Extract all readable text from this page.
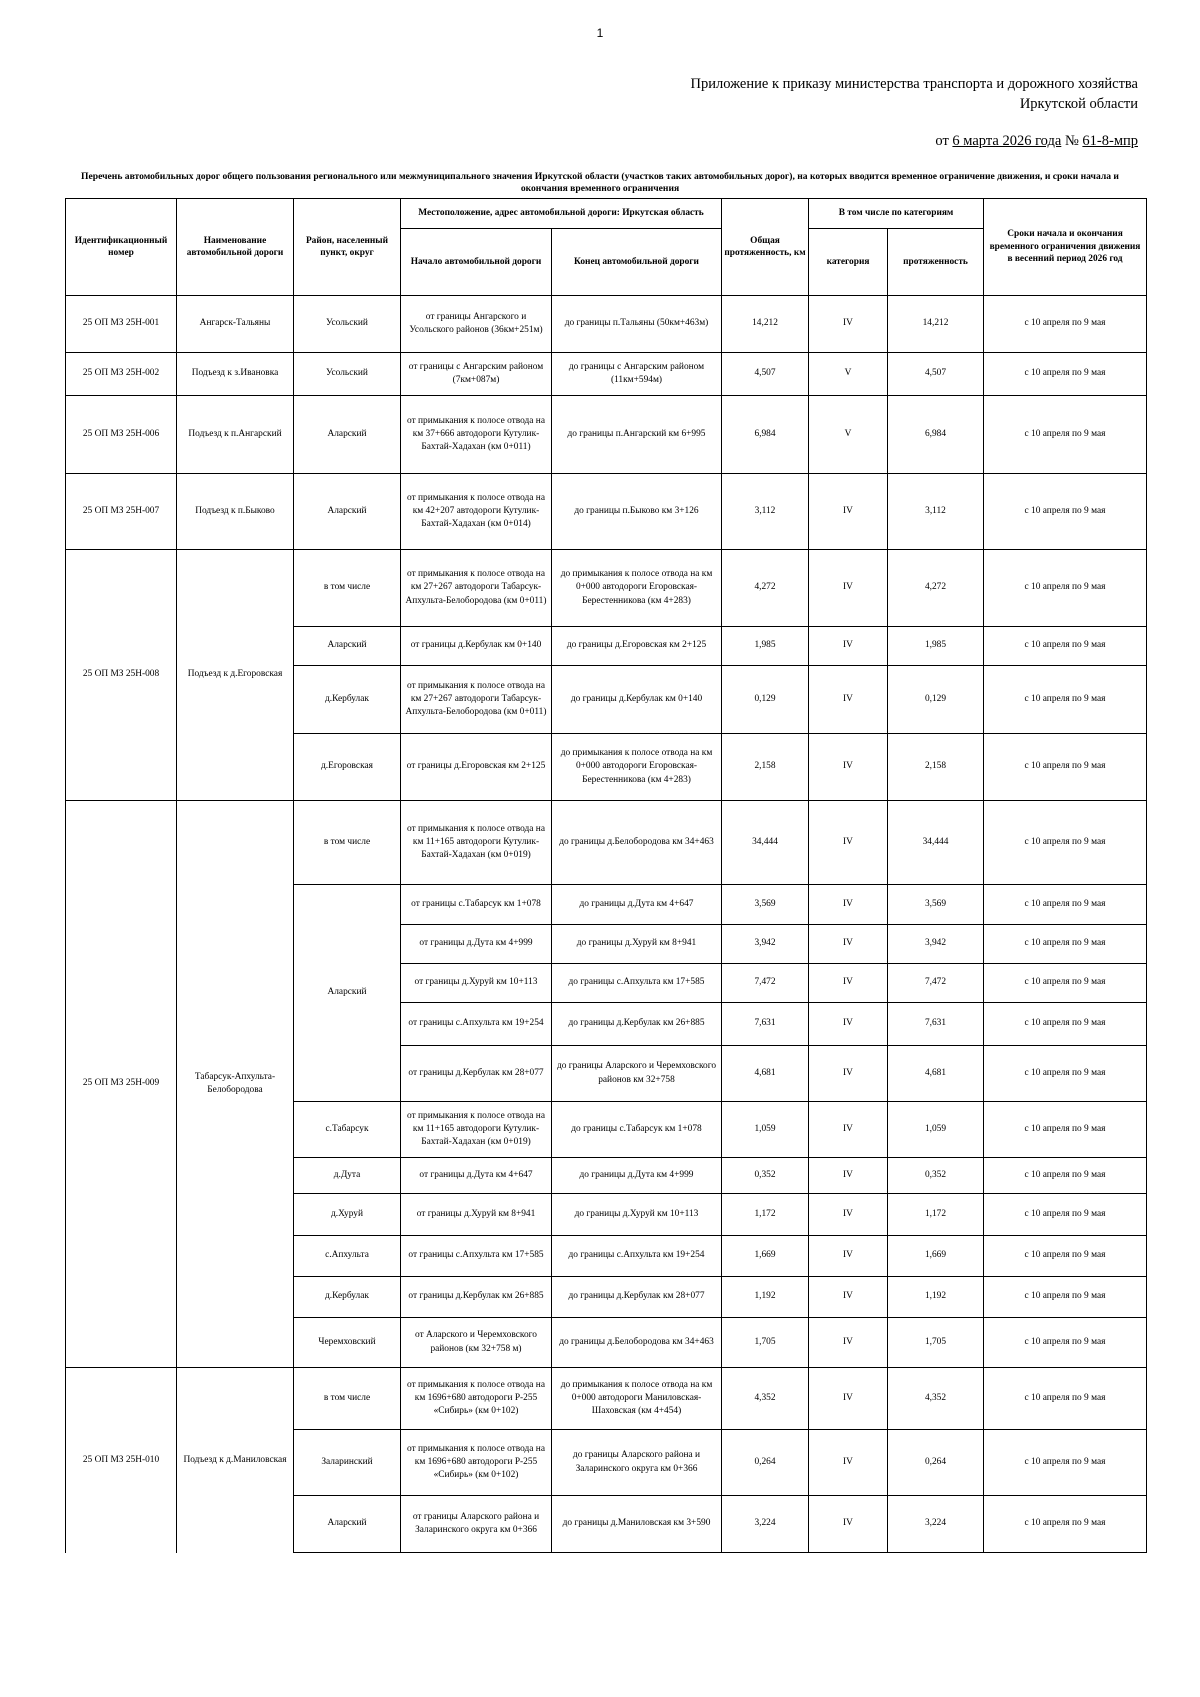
1
Приложение к приказу министерства транспорта и дорожного хозяйства
Иркутской области
от 6 марта 2026 года № 61-8-мпр
Перечень автомобильных дорог общего пользования регионального или межмуниципального значения Иркутской области (участков таких автомобильных дорог), на которых вводится временное ограничение движения, и сроки начала и окончания временного ограничения
Идентификационный номер	Наименование автомобильной дороги	Район, населенный пункт, округ	Местоположение, адрес автомобильной дороги: Иркутская область		Общая протяженность, км	В том числе по категориям		Сроки начала и окончания временного ограничения движения в весенний период 2026 год
			Начало автомобильной дороги	Конец автомобильной дороги		категория	протяженность	
25 ОП МЗ 25Н-001	Ангарск-Тальяны	Усольский	от границы Ангарского и Усольского районов (36км+251м)	до границы п.Тальяны (50км+463м)	14,212	IV	14,212	с 10 апреля по 9 мая
25 ОП МЗ 25Н-002	Подъезд к з.Ивановка	Усольский	от границы с Ангарским районом (7км+087м)	до границы с Ангарским районом (11км+594м)	4,507	V	4,507	с 10 апреля по 9 мая
25 ОП МЗ 25Н-006	Подъезд к п.Ангарский	Аларский	от примыкания к полосе отвода на км 37+666 автодороги Кутулик-Бахтай-Хадахан (км 0+011)	до границы п.Ангарский км 6+995	6,984	V	6,984	с 10 апреля по 9 мая
25 ОП МЗ 25Н-007	Подъезд к п.Быково	Аларский	от примыкания к полосе отвода на км 42+207 автодороги Кутулик-Бахтай-Хадахан (км 0+014)	до границы п.Быково км 3+126	3,112	IV	3,112	с 10 апреля по 9 мая
25 ОП МЗ 25Н-008	Подъезд к д.Егоровская	в том числе	от примыкания к полосе отвода на км 27+267 автодороги Табарсук-Апхульта-Белобородова (км 0+011)	до примыкания к полосе отвода на км 0+000 автодороги Егоровская-Берестенникова (км 4+283)	4,272	IV	4,272	с 10 апреля по 9 мая
		Аларский	от границы д.Кербулак км 0+140	до границы д.Егоровская км 2+125	1,985	IV	1,985	с 10 апреля по 9 мая
		д.Кербулак	от примыкания к полосе отвода на км 27+267 автодороги Табарсук-Апхульта-Белобородова (км 0+011)	до границы д.Кербулак км 0+140	0,129	IV	0,129	с 10 апреля по 9 мая
		д.Егоровская	от границы д.Егоровская км 2+125	до примыкания к полосе отвода на км 0+000 автодороги Егоровская-Берестенникова (км 4+283)	2,158	IV	2,158	с 10 апреля по 9 мая
25 ОП МЗ 25Н-009	Табарсук-Апхульта-Белобородова	в том числе	от примыкания к полосе отвода на км 11+165 автодороги Кутулик-Бахтай-Хадахан (км 0+019)	до границы д.Белобородова км 34+463	34,444	IV	34,444	с 10 апреля по 9 мая
		Аларский	от границы с.Табарсук км 1+078	до границы д.Дута км 4+647	3,569	IV	3,569	с 10 апреля по 9 мая
			от границы д.Дута км 4+999	до границы д.Хуруй км 8+941	3,942	IV	3,942	с 10 апреля по 9 мая
			от границы д.Хуруй км 10+113	до границы с.Апхульта км 17+585	7,472	IV	7,472	с 10 апреля по 9 мая
			от границы с.Апхульта км 19+254	до границы д.Кербулак км 26+885	7,631	IV	7,631	с 10 апреля по 9 мая
			от границы д.Кербулак км 28+077	до границы Аларского и Черемховского районов км 32+758	4,681	IV	4,681	с 10 апреля по 9 мая
		с.Табарсук	от примыкания к полосе отвода на км 11+165 автодороги Кутулик-Бахтай-Хадахан (км 0+019)	до границы с.Табарсук км 1+078	1,059	IV	1,059	с 10 апреля по 9 мая
		д.Дута	от границы д.Дута км 4+647	до границы д.Дута км 4+999	0,352	IV	0,352	с 10 апреля по 9 мая
		д.Хуруй	от границы д.Хуруй км 8+941	до границы д.Хуруй км 10+113	1,172	IV	1,172	с 10 апреля по 9 мая
		с.Апхульта	от границы с.Апхульта км 17+585	до границы с.Апхульта км 19+254	1,669	IV	1,669	с 10 апреля по 9 мая
		д.Кербулак	от границы д.Кербулак км 26+885	до границы д.Кербулак км 28+077	1,192	IV	1,192	с 10 апреля по 9 мая
		Черемховский	от Аларского и Черемховского районов (км 32+758 м)	до границы д.Белобородова км 34+463	1,705	IV	1,705	с 10 апреля по 9 мая
25 ОП МЗ 25Н-010	Подъезд к д.Маниловская	в том числе	от примыкания к полосе отвода на км 1696+680 автодороги Р-255 «Сибирь» (км 0+102)	до примыкания к полосе отвода на км 0+000 автодороги Маниловская-Шаховская (км 4+454)	4,352	IV	4,352	с 10 апреля по 9 мая
		Заларинский	от примыкания к полосе отвода на км 1696+680 автодороги Р-255 «Сибирь» (км 0+102)	до границы Аларского района и Заларинского округа км 0+366	0,264	IV	0,264	с 10 апреля по 9 мая
		Аларский	от границы Аларского района и Заларинского округа км 0+366	до границы д.Маниловская км 3+590	3,224	IV	3,224	с 10 апреля по 9 мая
